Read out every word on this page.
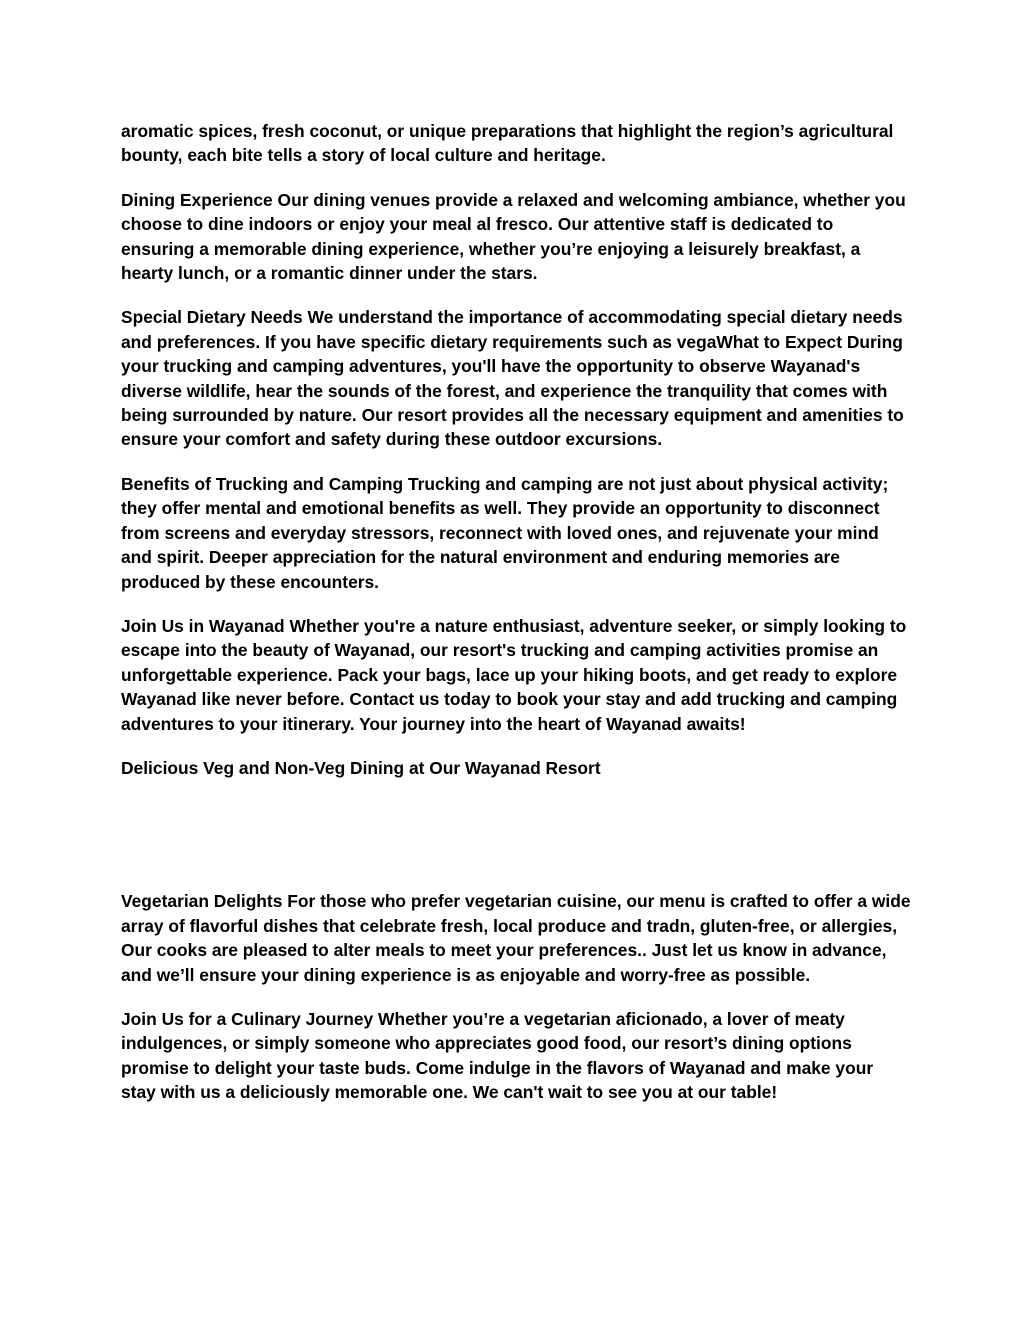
aromatic spices, fresh coconut, or unique preparations that highlight the region’s agricultural bounty, each bite tells a story of local culture and heritage.

Dining Experience Our dining venues provide a relaxed and welcoming ambiance, whether you choose to dine indoors or enjoy your meal al fresco. Our attentive staff is dedicated to ensuring a memorable dining experience, whether you’re enjoying a leisurely breakfast, a hearty lunch, or a romantic dinner under the stars.

Special Dietary Needs We understand the importance of accommodating special dietary needs and preferences. If you have specific dietary requirements such as vegaWhat to Expect During your trucking and camping adventures, you'll have the opportunity to observe Wayanad's diverse wildlife, hear the sounds of the forest, and experience the tranquility that comes with being surrounded by nature. Our resort provides all the necessary equipment and amenities to ensure your comfort and safety during these outdoor excursions.

Benefits of Trucking and Camping Trucking and camping are not just about physical activity; they offer mental and emotional benefits as well. They provide an opportunity to disconnect from screens and everyday stressors, reconnect with loved ones, and rejuvenate your mind and spirit. Deeper appreciation for the natural environment and enduring memories are produced by these encounters.

Join Us in Wayanad Whether you're a nature enthusiast, adventure seeker, or simply looking to escape into the beauty of Wayanad, our resort's trucking and camping activities promise an unforgettable experience. Pack your bags, lace up your hiking boots, and get ready to explore Wayanad like never before. Contact us today to book your stay and add trucking and camping adventures to your itinerary. Your journey into the heart of Wayanad awaits!

Delicious Veg and Non-Veg Dining at Our Wayanad Resort

Vegetarian Delights For those who prefer vegetarian cuisine, our menu is crafted to offer a wide array of flavorful dishes that celebrate fresh, local produce and tradn, gluten-free, or allergies, Our cooks are pleased to alter meals to meet your preferences.. Just let us know in advance, and we’ll ensure your dining experience is as enjoyable and worry-free as possible.

Join Us for a Culinary Journey Whether you’re a vegetarian aficionado, a lover of meaty indulgences, or simply someone who appreciates good food, our resort’s dining options promise to delight your taste buds. Come indulge in the flavors of Wayanad and make your stay with us a deliciously memorable one. We can't wait to see you at our table!
